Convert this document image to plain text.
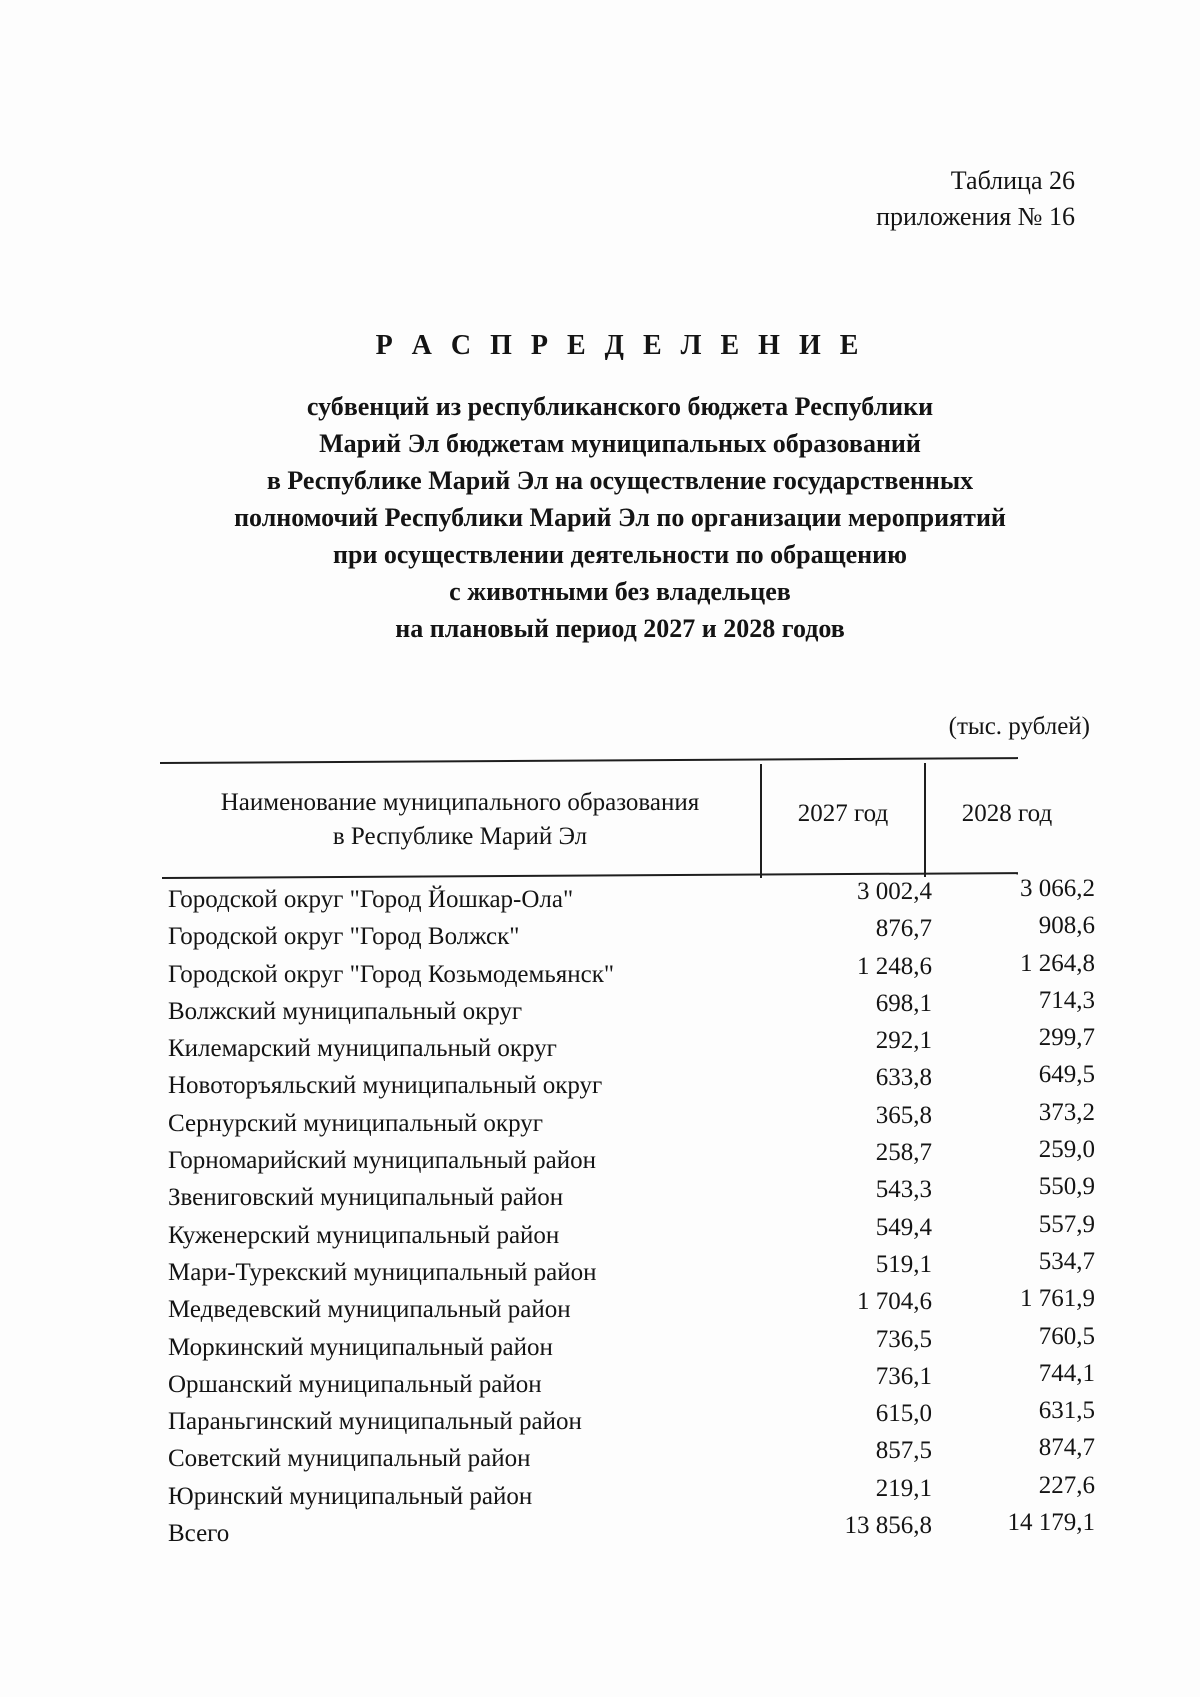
Таблица 26
приложения № 16
Р А С П Р Е Д Е Л Е Н И Е
субвенций из республиканского бюджета Республики
Марий Эл бюджетам муниципальных образований
в Республике Марий Эл на осуществление государственных
полномочий Республики Марий Эл по организации мероприятий
при осуществлении деятельности по обращению
с животными без владельцев
на плановый период 2027 и 2028 годов
(тыс. рублей)
Наименование муниципального образования
в Республике Марий Эл
2027 год	2028 год
Городской округ "Город Йошкар-Ола"	3 002,4	3 066,2
Городской округ "Город Волжск"	876,7	908,6
Городской округ "Город Козьмодемьянск"	1 248,6	1 264,8
Волжский муниципальный округ	698,1	714,3
Килемарский муниципальный округ	292,1	299,7
Новоторъяльский муниципальный округ	633,8	649,5
Сернурский муниципальный округ	365,8	373,2
Горномарийский муниципальный район	258,7	259,0
Звениговский муниципальный район	543,3	550,9
Куженерский муниципальный район	549,4	557,9
Мари-Турекский муниципальный район	519,1	534,7
Медведевский муниципальный район	1 704,6	1 761,9
Моркинский муниципальный район	736,5	760,5
Оршанский муниципальный район	736,1	744,1
Параньгинский муниципальный район	615,0	631,5
Советский муниципальный район	857,5	874,7
Юринский муниципальный район	219,1	227,6
Всего	13 856,8	14 179,1
